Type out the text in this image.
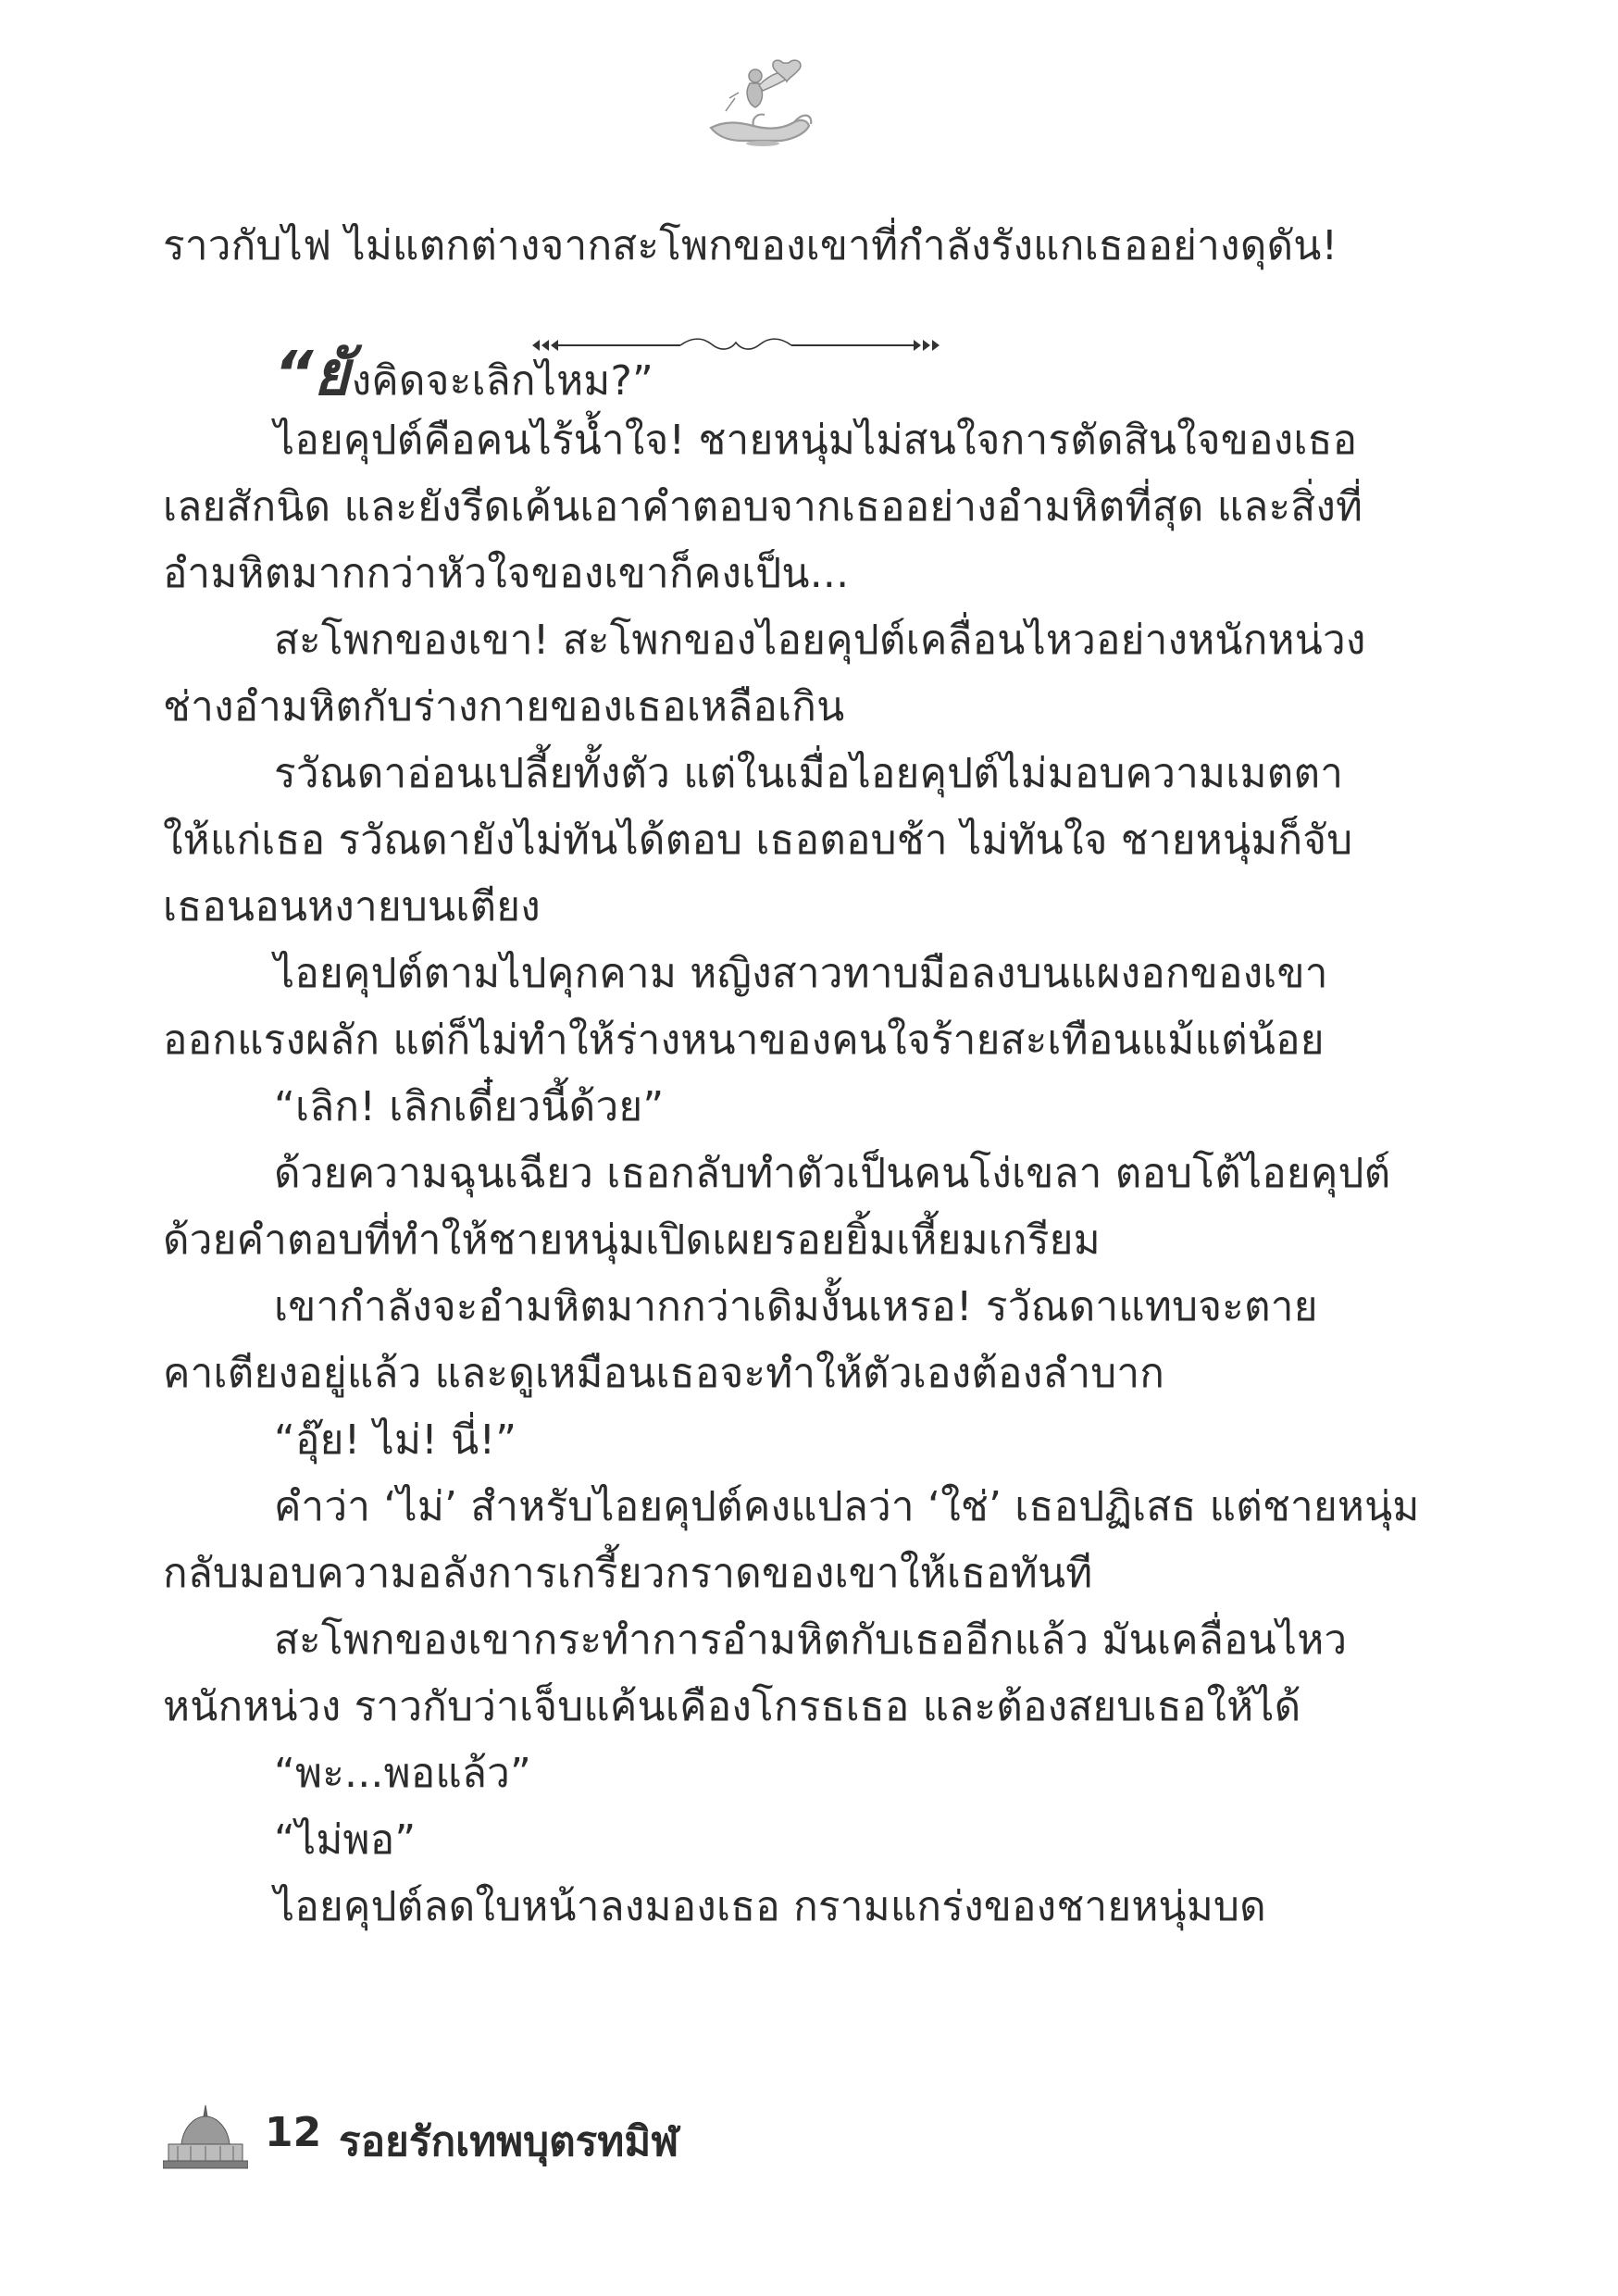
ราวกับไฟ ไม่แตกต่างจากสะโพกของเขาที่กำลังรังแกเธออย่างดุดัน!
“ยังคิดจะเลิกไหม?”
ไอยคุปต์คือคนไร้น้ำใจ! ชายหนุ่มไม่สนใจการตัดสินใจของเธอ
เลยสักนิด และยังรีดเค้นเอาคำตอบจากเธออย่างอำมหิตที่สุด และสิ่งที่
อำมหิตมากกว่าหัวใจของเขาก็คงเป็น...
สะโพกของเขา! สะโพกของไอยคุปต์เคลื่อนไหวอย่างหนักหน่วง
ช่างอำมหิตกับร่างกายของเธอเหลือเกิน
รวัณดาอ่อนเปลี้ยทั้งตัว แต่ในเมื่อไอยคุปต์ไม่มอบความเมตตา
ให้แก่เธอ รวัณดายังไม่ทันได้ตอบ เธอตอบช้า ไม่ทันใจ ชายหนุ่มก็จับ
เธอนอนหงายบนเตียง
ไอยคุปต์ตามไปคุกคาม หญิงสาวทาบมือลงบนแผงอกของเขา
ออกแรงผลัก แต่ก็ไม่ทำให้ร่างหนาของคนใจร้ายสะเทือนแม้แต่น้อย
“เลิก! เลิกเดี๋ยวนี้ด้วย”
ด้วยความฉุนเฉียว เธอกลับทำตัวเป็นคนโง่เขลา ตอบโต้ไอยคุปต์
ด้วยคำตอบที่ทำให้ชายหนุ่มเปิดเผยรอยยิ้มเหี้ยมเกรียม
เขากำลังจะอำมหิตมากกว่าเดิมงั้นเหรอ! รวัณดาแทบจะตาย
คาเตียงอยู่แล้ว และดูเหมือนเธอจะทำให้ตัวเองต้องลำบาก
“อุ๊ย! ไม่! นี่!”
คำว่า ‘ไม่’ สำหรับไอยคุปต์คงแปลว่า ‘ใช่’ เธอปฏิเสธ แต่ชายหนุ่ม
กลับมอบความอลังการเกรี้ยวกราดของเขาให้เธอทันที
สะโพกของเขากระทำการอำมหิตกับเธออีกแล้ว มันเคลื่อนไหว
หนักหน่วง ราวกับว่าเจ็บแค้นเคืองโกรธเธอ และต้องสยบเธอให้ได้
“พะ...พอแล้ว”
“ไม่พอ”
ไอยคุปต์ลดใบหน้าลงมองเธอ กรามแกร่งของชายหนุ่มบด
12 รอยรักเทพบุตรทมิฬ
